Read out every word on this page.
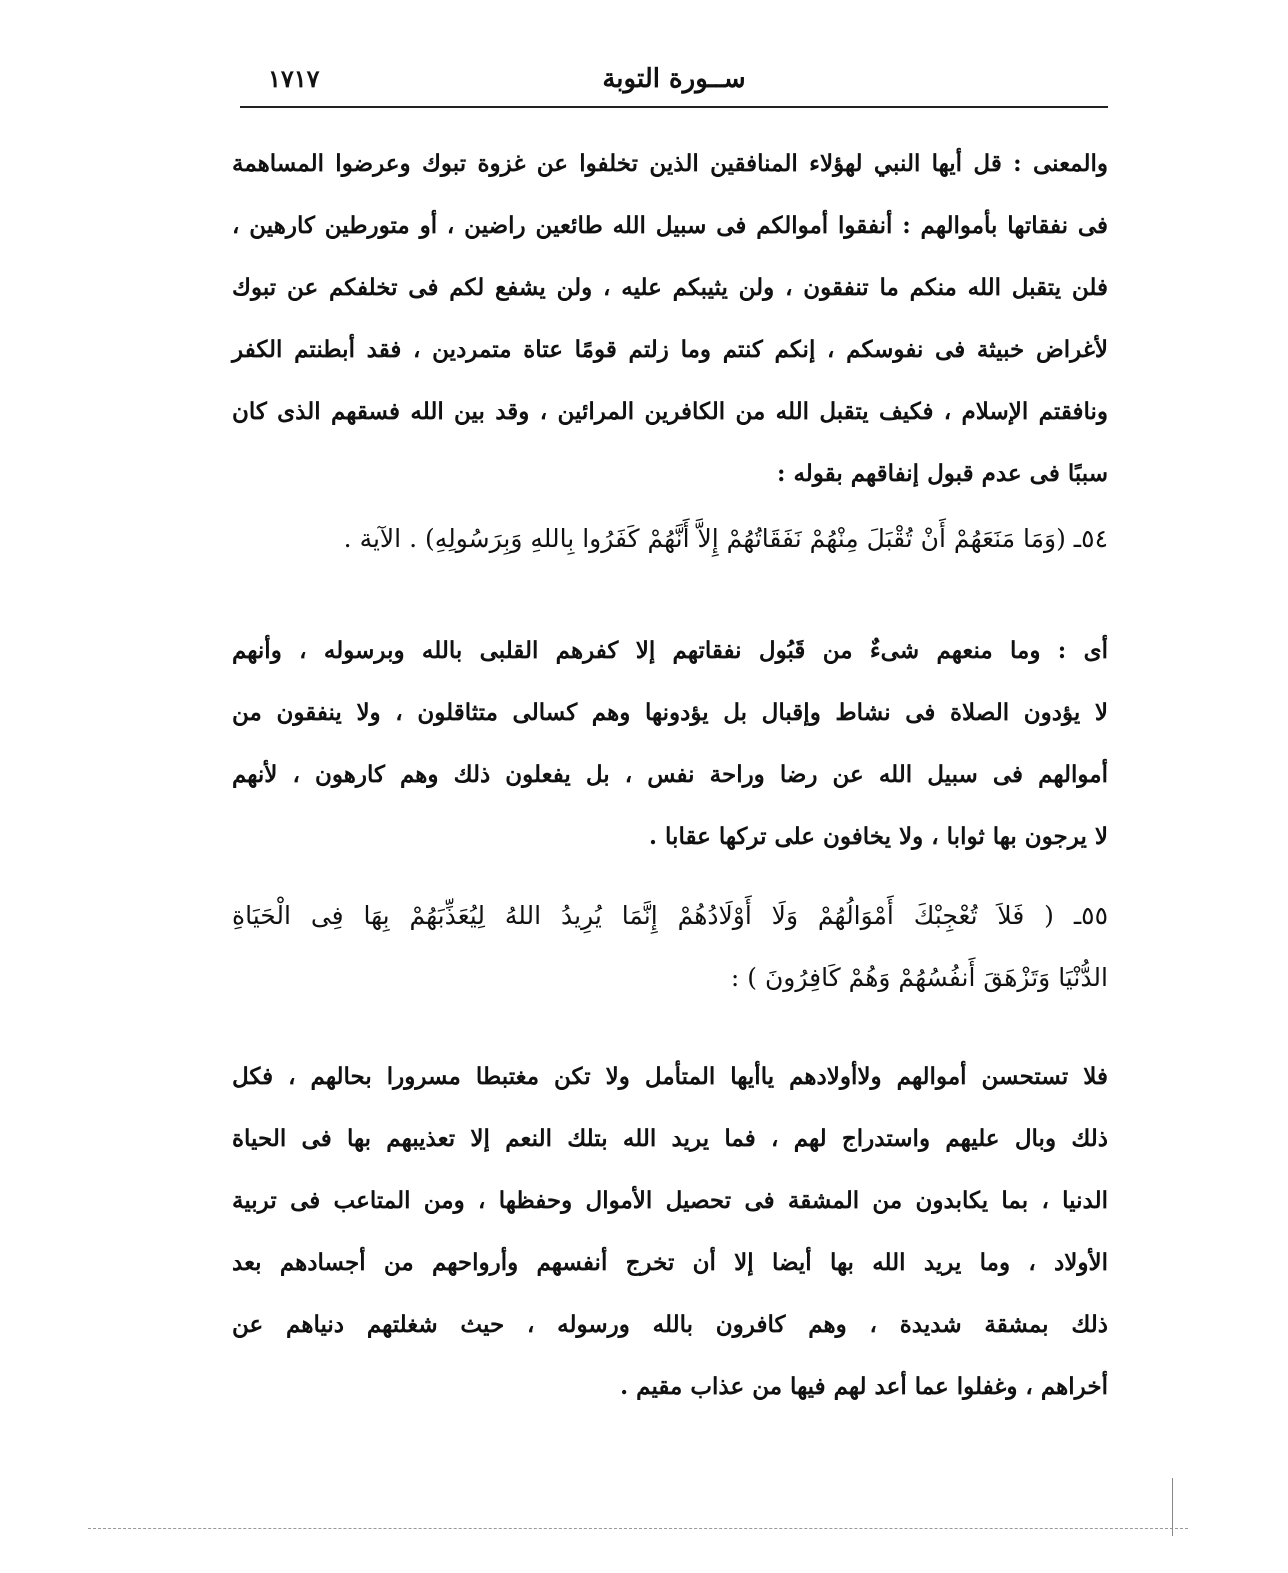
١٧١٧	ســورة التوبة
والمعنى : قل أيها النبي لهؤلاء المنافقين الذين تخلفوا عن غزوة تبوك وعرضوا المساهمة
فى نفقاتها بأموالهم : أنفقوا أموالكم فى سبيل الله طائعين راضين ، أو متورطين كارهين ،
فلن يتقبل الله منكم ما تنفقون ، ولن يثيبكم عليه ، ولن يشفع لكم فى تخلفكم عن تبوك
لأغراض خبيثة فى نفوسكم ، إنكم كنتم وما زلتم قومًا عتاة متمردين ، فقد أبطنتم الكفر
ونافقتم الإسلام ، فكيف يتقبل الله من الكافرين المرائين ، وقد بين الله فسقهم الذى كان
سببًا فى عدم قبول إنفاقهم بقوله :
٥٤ـ (وَمَا مَنَعَهُمْ أَنْ تُقْبَلَ مِنْهُمْ نَفَقَاتُهُمْ إِلاَّ أَنَّهُمْ كَفَرُوا بِاللهِ وَبِرَسُولِهِ) . الآية .
أى : وما منعهم شىءٌ من قَبُول نفقاتهم إلا كفرهم القلبى بالله وبرسوله ، وأنهم
لا يؤدون الصلاة فى نشاط وإقبال بل يؤدونها وهم كسالى متثاقلون ، ولا ينفقون من
أموالهم فى سبيل الله عن رضا وراحة نفس ، بل يفعلون ذلك وهم كارهون ، لأنهم
لا يرجون بها ثوابا ، ولا يخافون على تركها عقابا .
٥٥ـ ( فَلاَ تُعْجِبْكَ أَمْوَالُهُمْ وَلَا أَوْلَادُهُمْ إِنَّمَا يُرِيدُ اللهُ لِيُعَذِّبَهُمْ بِهَا فِى الْحَيَاةِ
الدُّنْيَا وَتَزْهَقَ أَنفُسُهُمْ وَهُمْ كَافِرُونَ ) :
فلا تستحسن أموالهم ولاأولادهم ياأيها المتأمل ولا تكن مغتبطا مسرورا بحالهم ، فكل
ذلك وبال عليهم واستدراج لهم ، فما يريد الله بتلك النعم إلا تعذيبهم بها فى الحياة
الدنيا ، بما يكابدون من المشقة فى تحصيل الأموال وحفظها ، ومن المتاعب فى تربية
الأولاد ، وما يريد الله بها أيضا إلا أن تخرج أنفسهم وأرواحهم من أجسادهم بعد
ذلك بمشقة شديدة ، وهم كافرون بالله ورسوله ، حيث شغلتهم دنياهم عن
أخراهم ، وغفلوا عما أعد لهم فيها من عذاب مقيم .
